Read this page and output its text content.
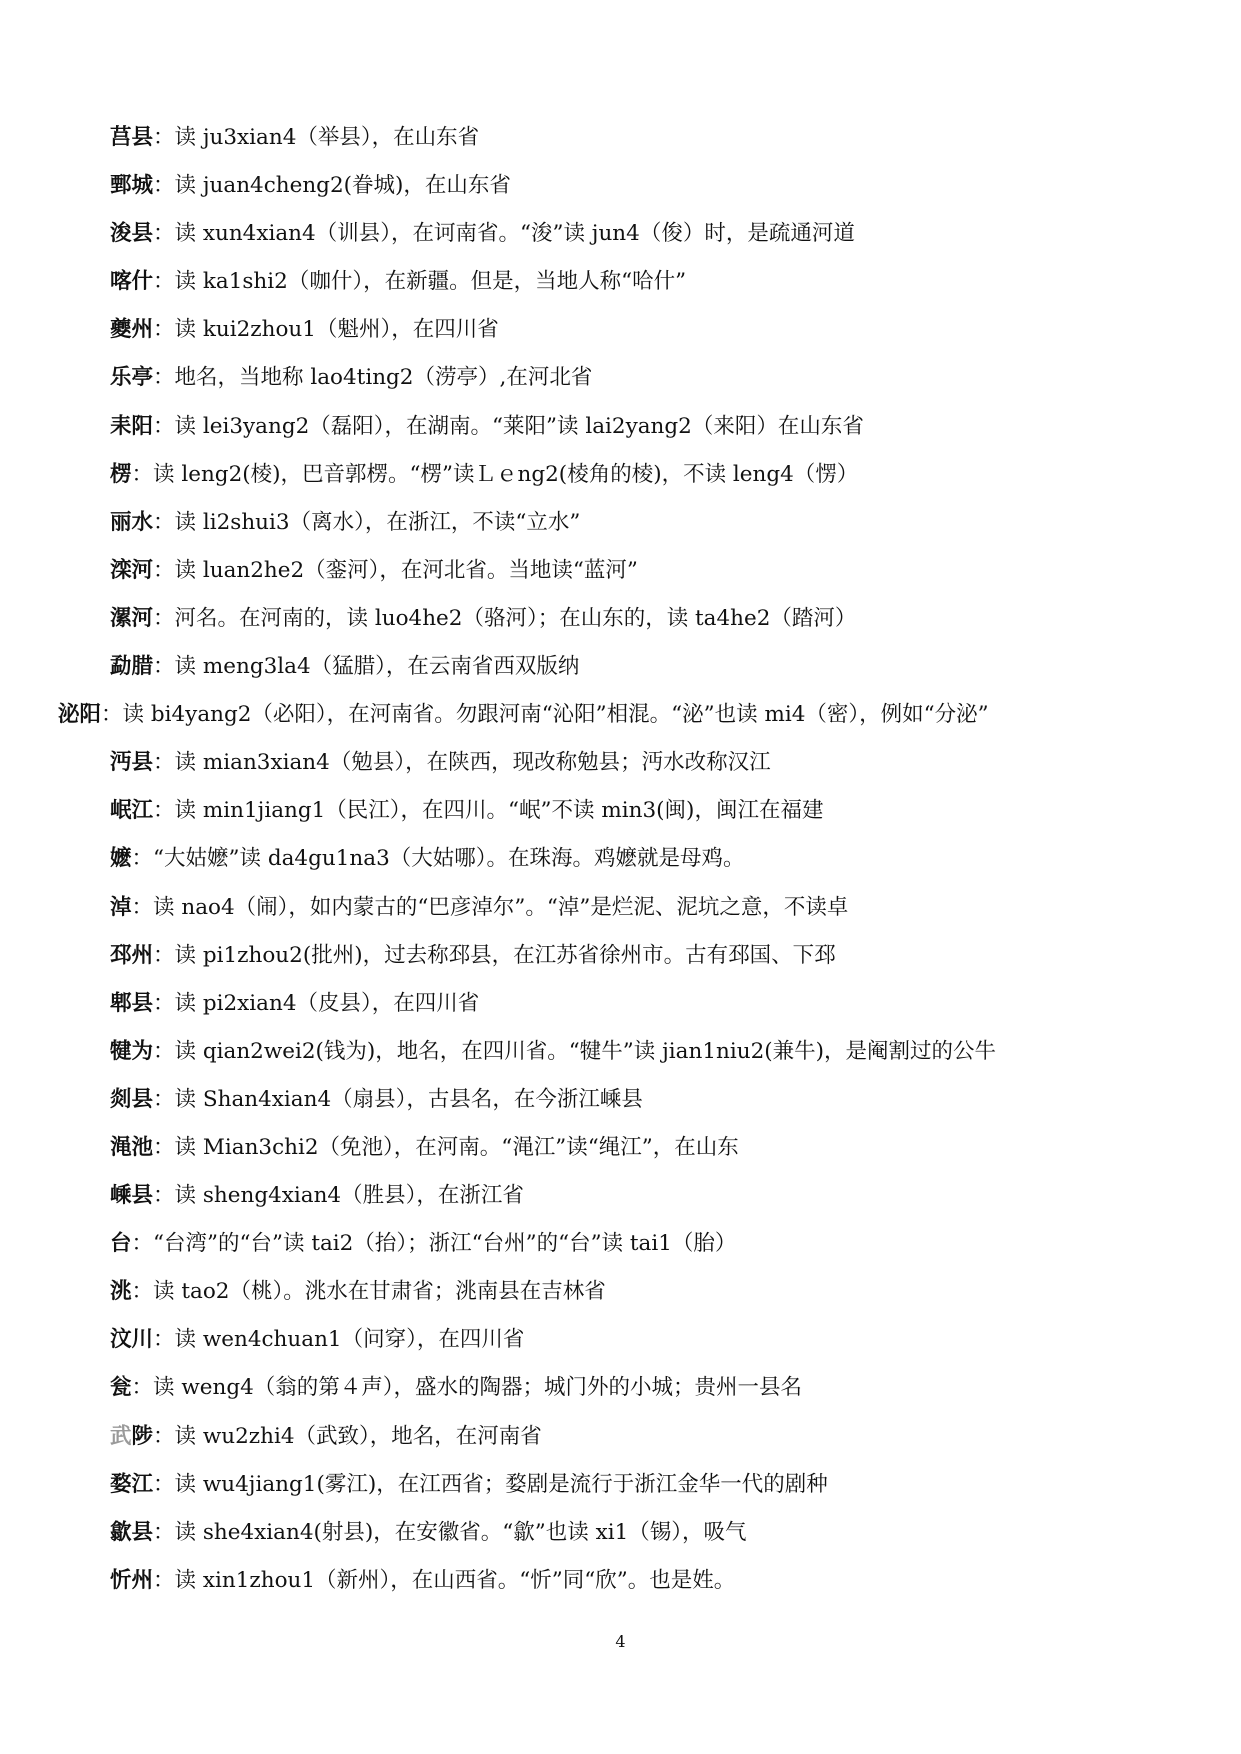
莒县：读 ju3xian4（举县），在山东省
鄄城：读 juan4cheng2(眷城)，在山东省
浚县：读 xun4xian4（训县），在诃南省。“浚”读 jun4（俊）时，是疏通河道
喀什：读 ka1shi2（咖什），在新疆。但是，当地人称“哈什”
夔州：读 kui2zhou1（魁州），在四川省
乐亭：地名，当地称 lao4ting2（涝亭）,在河北省
耒阳：读 lei3yang2（磊阳），在湖南。“莱阳”读 lai2yang2（来阳）在山东省
楞：读 leng2(棱)，巴音郭楞。“楞”读Ｌｅng2(棱角的棱)，不读 leng4（愣）
丽水：读 li2shui3（离水），在浙江，不读“立水”
滦河：读 luan2he2（銮河），在河北省。当地读“蓝河”
漯河：河名。在河南的，读 luo4he2（骆河）；在山东的，读 ta4he2（踏河）
勐腊：读 meng3la4（猛腊），在云南省西双版纳
泌阳：读 bi4yang2（必阳），在河南省。勿跟河南“沁阳”相混。“泌”也读 mi4（密），例如“分泌”
沔县：读 mian3xian4（勉县），在陕西，现改称勉县；沔水改称汉江
岷江：读 min1jiang1（民江），在四川。“岷”不读 min3(闽)，闽江在福建
嬷：“大姑嬷”读 da4gu1na3（大姑哪）。在珠海。鸡嬷就是母鸡。
淖：读 nao4（闹），如内蒙古的“巴彦淖尔”。“淖”是烂泥、泥坑之意，不读卓
邳州：读 pi1zhou2(批州)，过去称邳县，在江苏省徐州市。古有邳国、下邳
郫县：读 pi2xian4（皮县），在四川省
犍为：读 qian2wei2(钱为)，地名，在四川省。“犍牛”读 jian1niu2(兼牛)，是阉割过的公牛
剡县：读 Shan4xian4（扇县），古县名，在今浙江嵊县
渑池：读 Mian3chi2（免池），在河南。“渑江”读“绳江”，在山东
嵊县：读 sheng4xian4（胜县），在浙江省
台：“台湾”的“台”读 tai2（抬）；浙江“台州”的“台”读 tai1（胎）
洮：读 tao2（桃）。洮水在甘肃省；洮南县在吉林省
汶川：读 wen4chuan1（问穿），在四川省
瓮：读 weng4（翁的第４声），盛水的陶器；城门外的小城；贵州一县名
武陟：读 wu2zhi4（武致），地名，在河南省
婺江：读 wu4jiang1(雾江)，在江西省；婺剧是流行于浙江金华一代的剧种
歙县：读 she4xian4(射县)，在安徽省。“歙”也读 xi1（锡），吸气
忻州：读 xin1zhou1（新州），在山西省。“忻”同“欣”。也是姓。
4
